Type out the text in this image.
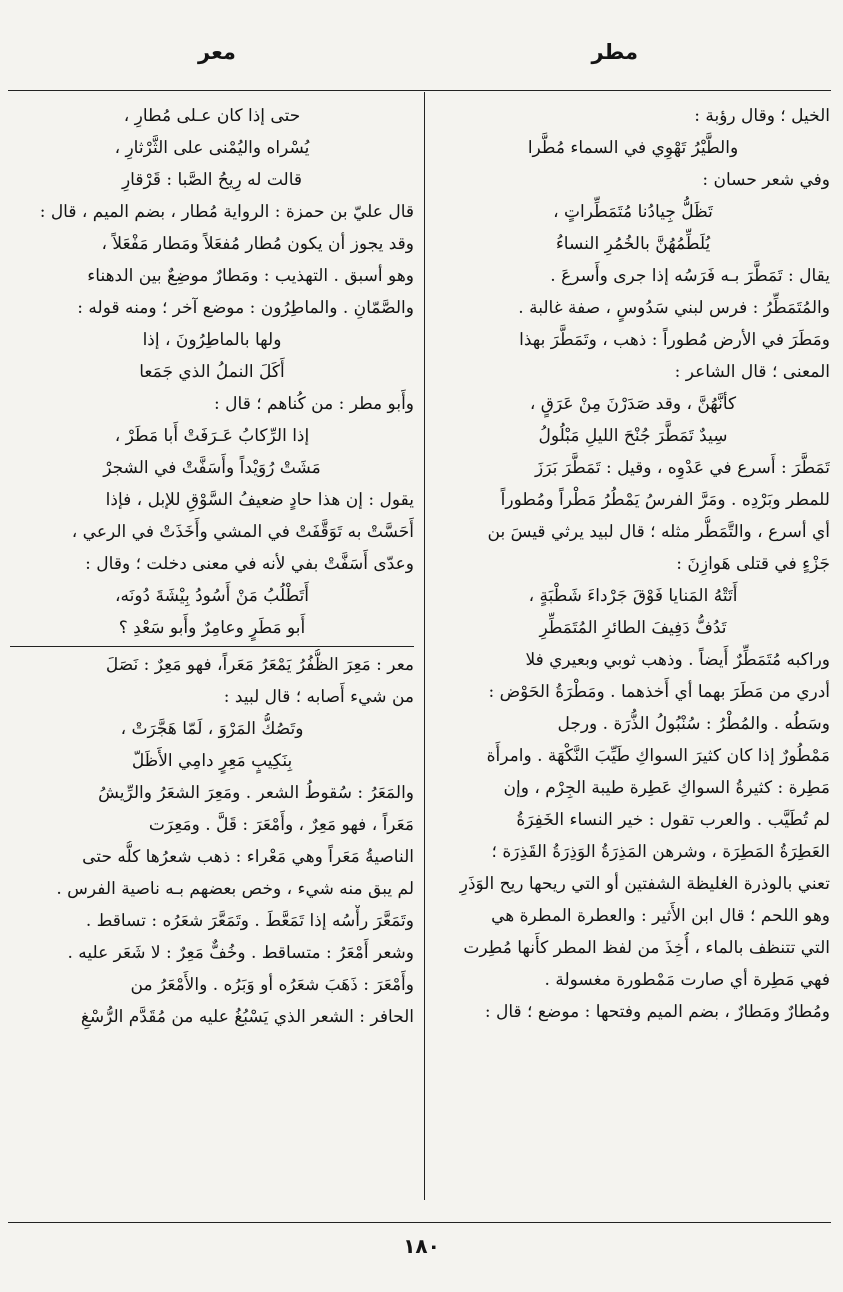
مطر
معر
الخيل ؛ وقال رؤبة :
والطَّيْرُ تَهْوِي في السماء مُطَّرا
وفي شعر حسان :
تَظَلُّ جِيادُنا مُتَمَطِّراتٍ ،
يُلَطِّمُهُنَّ بالخُمُرِ النساءُ
يقال : تَمَطَّرَ بـه فَرَسُه إذا جرى وأَسرعَ .
والمُتَمَطِّرُ : فرس لبني سَدُوسٍ ، صفة غالبة .
ومَطَرَ في الأرض مُطوراً : ذهب ، وتَمَطَّرَ بهذا
المعنى ؛ قال الشاعر :
كأنَّهُنَّ ، وقد صَدَرْنَ مِنْ عَرَقٍ ،
سِيدٌ تَمَطَّرَ جُنْحَ الليلِ مَبْلُولُ
تَمَطَّرَ : أَسرع في عَدْوِه ، وقيل : تَمَطَّرَ بَرَزَ
للمطر وبَرْدِه . ومَرَّ الفرسُ يَمْطُرُ مَطْراً ومُطوراً
أي أسرع ، والتَّمَطُّر مثله ؛ قال لبيد يرثي قيسَ بن
جَزْءٍ في قتلى هَوازِنَ :
أَتَتْهُ المَنايا فَوْقَ جَرْداءَ شَطْبَةٍ ،
تَدُفُّ دَفِيفَ الطائرِ المُتَمَطِّرِ
وراكبه مُتَمَطِّرٌ أَيضاً . وذهب ثوبي وبعيري فلا
أدري من مَطَرَ بهما أي أَخذهما . ومَطْرَةُ الحَوْض :
وسَطُه . والمُطْرُ : سُنْبُولُ الذُّرَة . ورجل
مَمْطُورٌ إذا كان كثيرَ السواكِ طَيِّبَ النَّكْهَة . وامرأَة
مَطِرة : كثيرةُ السواكِ عَطِرة طيبة الجِرْم ، وإن
لم تُطَيَّب . والعرب تقول : خير النساء الخَفِرَةُ
العَطِرَةُ المَطِرَة ، وشرهن المَذِرَةُ الوَذِرَةُ القَذِرَة ؛
تعني بالوذرة الغليظة الشفتين أو التي ريحها ريح الوَذَرِ
وهو اللحم ؛ قال ابن الأَثير : والعطرة المطرة هي
التي تتنظف بالماء ، أُخِذَ من لفظ المطر كأَنها مُطِرت
فهي مَطِرة أي صارت مَمْطورة مغسولة .
ومُطارٌ ومَطارٌ ، بضم الميم وفتحها : موضع ؛ قال :
حتى إذا كان عـلى مُطارِ ،
يُسْراه واليُمْنى على الثَّرْثارِ ،
قالت له رِيحُ الصَّبا : قَرْقارِ
قال عليّ بن حمزة : الرواية مُطار ، بضم الميم ، قال :
وقد يجوز أن يكون مُطار مُفعَلاً ومَطار مَفْعَلاً ،
وهو أسبق . التهذيب : ومَطارٌ موضِعٌ بين الدهناء
والصَّمّانِ . والماطِرُون : موضع آخر ؛ ومنه قوله :
ولها بالماطِرُونَ ، إذا
أَكَلَ النملُ الذي جَمَعا
وأَبو مطر : من كُناهم ؛ قال :
إذا الرِّكابُ عَـرَفَتْ أَبا مَطَرْ ،
مَشَتْ رُوَيْداً وأَسَفَّتْ في الشجرْ
يقول : إن هذا حادٍ ضعيفُ السَّوْقِ للإبل ، فإذا
أَحَسَّتْ به تَوَقَّفَتْ في المشي وأَخَذَتْ في الرعي ،
وعدّى أَسَفَّتْ بفي لأنه في معنى دخلت ؛ وقال :
أَتَطْلُبُ مَنْ أَسُودُ بِيْشَةَ دُونَه،
أَبو مَطَرٍ وعامِرٌ وأَبو سَعْدِ ؟
معر : مَعِرَ الظُّفُرُ يَمْعَرُ مَعَراً، فهو مَعِرٌ : نَصَلَ
من شيء أَصابه ؛ قال لبيد :
وتَصُكُّ المَرْوَ ، لَمّا هَجَّرَتْ ،
بِنَكِيبٍ مَعِرٍ دامِي الأَظَلّ
والمَعَرُ : سُقوطُ الشعر . ومَعِرَ الشعَرُ والرِّيشُ
مَعَراً ، فهو مَعِرٌ ، وأَمْعَرَ : قَلَّ . ومَعِرَت
الناصيةُ مَعَراً وهي مَعْراء : ذهب شعرُها كلُّه حتى
لم يبق منه شيء ، وخص بعضهم بـه ناصية الفرس .
وتَمَعَّرَ رأْسُه إذا تَمَعَّطَ . وتَمَعَّرَ شعَرُه : تساقط .
وشعر أَمْعَرُ : متساقط . وخُفٌّ مَعِرٌ : لا شَعَر عليه .
وأَمْعَرَ : ذَهَبَ شعَرُه أو وَبَرُه . والأَمْعَرُ من
الحافر : الشعر الذي يَسْبُغُ عليه من مُقَدَّم الرُّسْغِ
١٨٠
